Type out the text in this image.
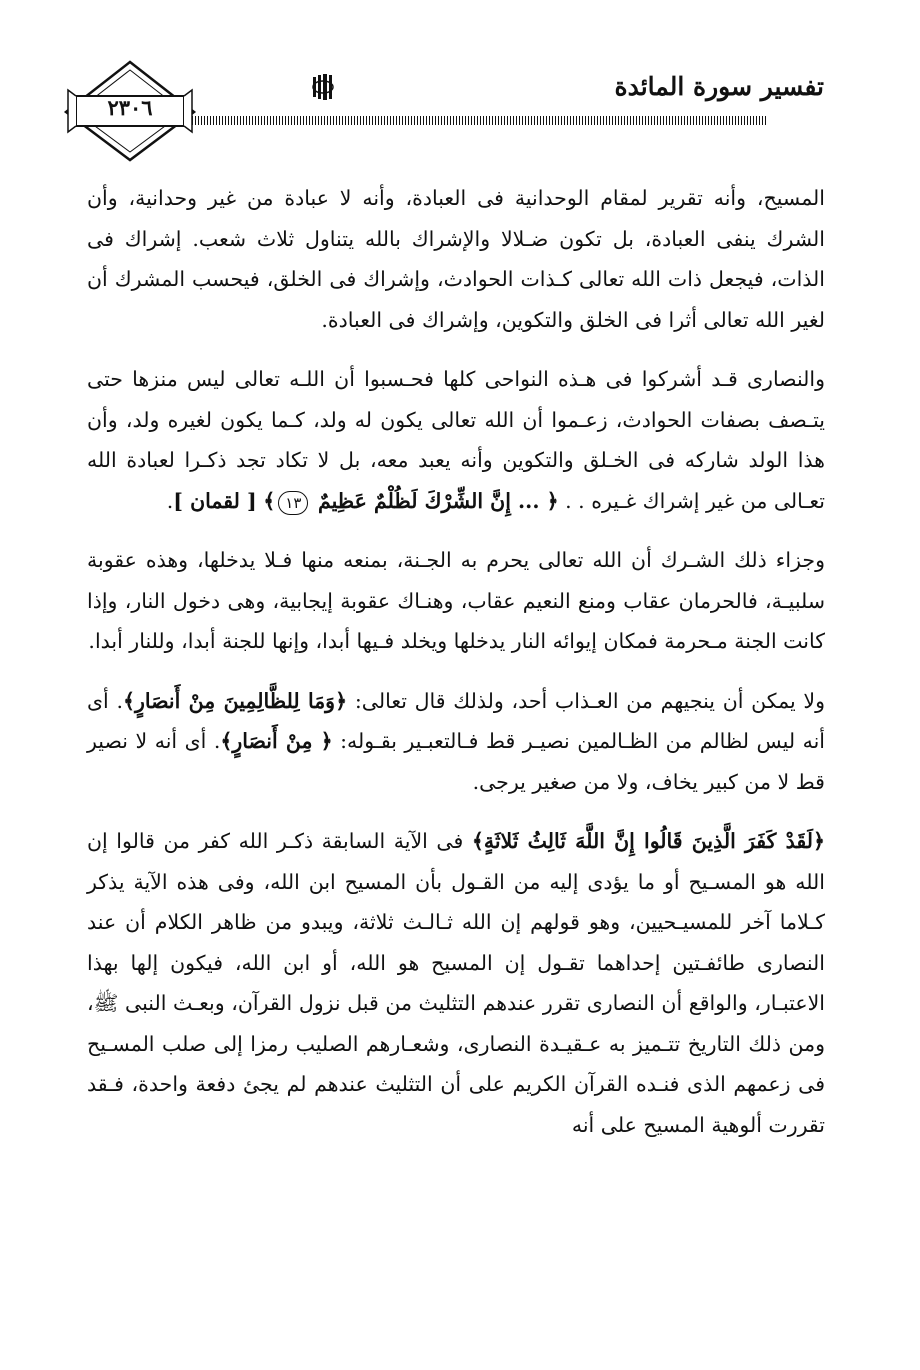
تفسير سورة المائدة
٢٣٠٦

المسيح، وأنه تقرير لمقام الوحدانية فى العبادة، وأنه لا عبادة من غير وحدانية، وأن الشرك ينفى العبادة، بل تكون ضـلالا والإشراك بالله يتناول ثلاث شعب. إشراك فى الذات، فيجعل ذات الله تعالى كـذات الحوادث، وإشراك فى الخلق، فيحسب المشرك أن لغير الله تعالى أثرا فى الخلق والتكوين، وإشراك فى العبادة.

والنصارى قـد أشركوا فى هـذه النواحى كلها فحـسبوا أن اللـه تعالى ليس منزها حتى يتـصف بصفات الحوادث، زعـموا أن الله تعالى يكون له ولد، كـما يكون لغيره ولد، وأن هذا الولد شاركه فى الخـلق والتكوين وأنه يعبد معه، بل لا تكاد تجد ذكـرا لعبادة الله تعـالى من غير إشراك غـيره . . ﴿ ... إِنَّ الشِّرْكَ لَظُلْمٌ عَظِيمٌ ١٣﴾ [ لقمان ].

وجزاء ذلك الشـرك أن الله تعالى يحرم به الجـنة، بمنعه منها فـلا يدخلها، وهذه عقوبة سلبيـة، فالحرمان عقاب ومنع النعيم عقاب، وهنـاك عقوبة إيجابية، وهى دخول النار، وإذا كانت الجنة مـحرمة فمكان إيوائه النار يدخلها ويخلد فـيها أبدا، وإنها للجنة أبدا، وللنار أبدا.

ولا يمكن أن ينجيهم من العـذاب أحد، ولذلك قال تعالى: ﴿وَمَا لِلظَّالِمِينَ مِنْ أَنصَارٍ﴾. أى أنه ليس لظالم من الظـالمين نصيـر قط فـالتعبـير بقـوله: ﴿ مِنْ أَنصَارٍ﴾. أى أنه لا نصير قط لا من كبير يخاف، ولا من صغير يرجى.

﴿لَقَدْ كَفَرَ الَّذِينَ قَالُوا إِنَّ اللَّهَ ثَالِثُ ثَلاثَةٍ﴾ فى الآية السابقة ذكـر الله كفر من قالوا إن الله هو المسـيح أو ما يؤدى إليه من القـول بأن المسيح ابن الله، وفى هذه الآية يذكر كـلاما آخر للمسيـحيين، وهو قولهم إن الله ثـالـث ثلاثة، ويبدو من ظاهر الكلام أن عند النصارى طائفـتين إحداهما تقـول إن المسيح هو الله، أو ابن الله، فيكون إلها بهذا الاعتبـار، والواقع أن النصارى تقرر عندهم التثليث من قبل نزول القرآن، وبعـث النبى ﷺ، ومن ذلك التاريخ تتـميز به عـقيـدة النصارى، وشعـارهم الصليب رمزا إلى صلب المسـيح فى زعمهم الذى فنـده القرآن الكريم على أن التثليث عندهم لم يجئ دفعة واحدة، فـقد تقررت ألوهية المسيح على أنه
